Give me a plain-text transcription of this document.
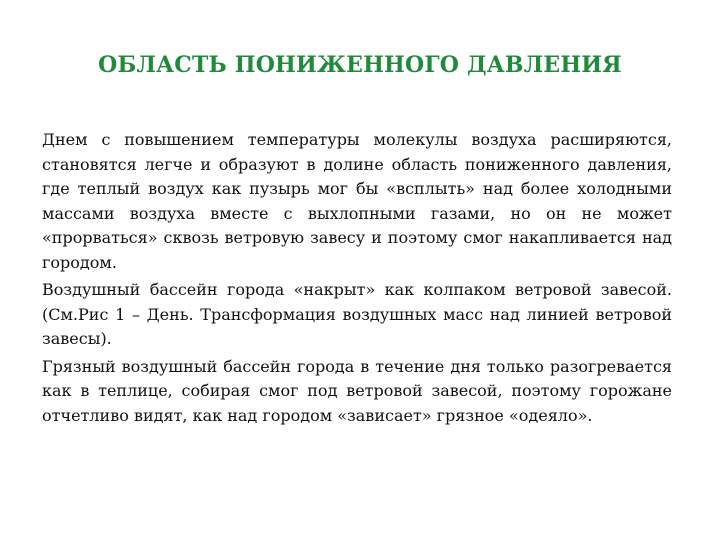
ОБЛАСТЬ ПОНИЖЕННОГО ДАВЛЕНИЯ

Днем с повышением температуры молекулы воздуха расширяются, становятся легче и образуют в долине область пониженного давления, где теплый воздух как пузырь мог бы «всплыть» над более холодными массами воздуха вместе с выхлопными газами, но он не может «прорваться» сквозь ветровую завесу и поэтому смог накапливается над городом.

Воздушный бассейн города «накрыт» как колпаком ветровой завесой. (См.Рис 1 – День. Трансформация воздушных масс над линией ветровой завесы).

Грязный воздушный бассейн города в течение дня только разогревается как в теплице, собирая смог под ветровой завесой, поэтому горожане отчетливо видят, как над городом «зависает» грязное «одеяло».
